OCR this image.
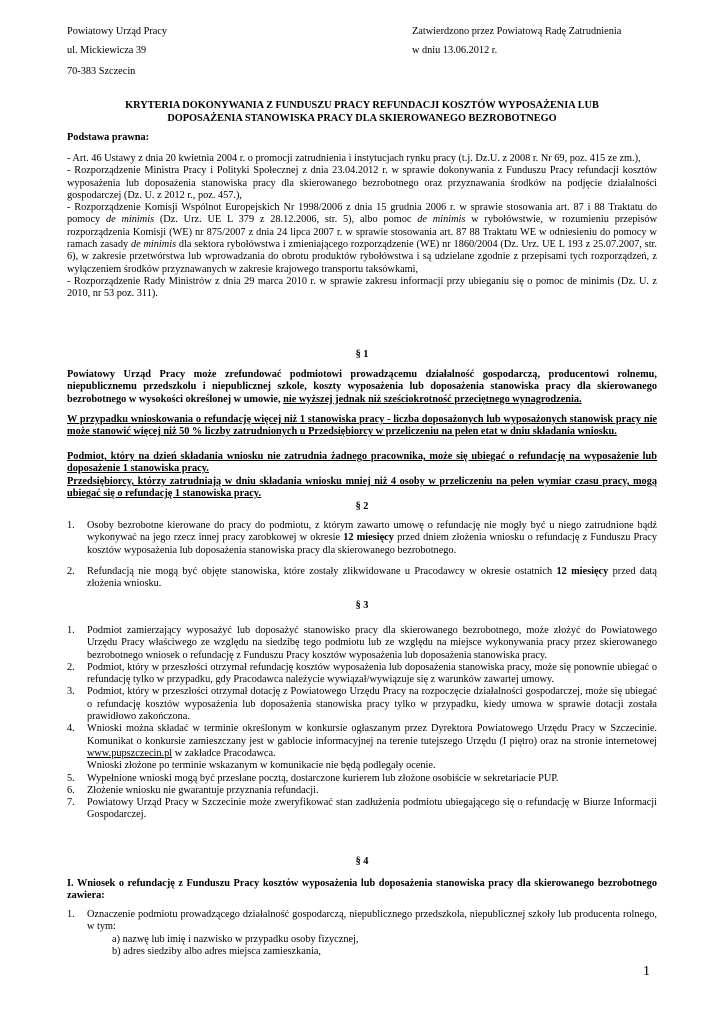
Powiatowy Urząd Pracy
ul. Mickiewicza 39
70-383 Szczecin
Zatwierdzono przez Powiatową Radę Zatrudnienia
w dniu 13.06.2012 r.
KRYTERIA DOKONYWANIA Z FUNDUSZU PRACY REFUNDACJI KOSZTÓW WYPOSAŻENIA LUB
DOPOSAŻENIA STANOWISKA PRACY DLA SKIEROWANEGO BEZROBOTNEGO
Podstawa prawna:

- Art. 46 Ustawy z dnia 20 kwietnia 2004 r. o promocji zatrudnienia i instytucjach rynku pracy (t.j. Dz.U. z 2008 r. Nr 69, poz. 415 ze zm.),

- Rozporządzenie Ministra Pracy i Polityki Społecznej z dnia 23.04.2012 r. w sprawie dokonywania z Funduszu Pracy refundacji kosztów wyposażenia lub doposażenia stanowiska pracy dla skierowanego bezrobotnego oraz przyznawania środków na podjęcie działalności gospodarczej (Dz. U. z 2012 r., poz. 457.),

- Rozporządzenie Komisji Wspólnot Europejskich Nr 1998/2006 z dnia 15 grudnia 2006 r. w sprawie stosowania art. 87 i 88 Traktatu do pomocy de minimis (Dz. Urz. UE L 379 z 28.12.2006, str. 5), albo pomoc de minimis w rybołówstwie, w rozumieniu przepisów rozporządzenia Komisji (WE) nr 875/2007 z dnia 24 lipca 2007 r. w sprawie stosowania art. 87 88 Traktatu WE w odniesieniu do pomocy w ramach zasady de minimis dla sektora rybołówstwa i zmieniającego rozporządzenie (WE) nr 1860/2004 (Dz. Urz. UE L 193 z 25.07.2007, str. 6), w zakresie przetwórstwa lub wprowadzania do obrotu produktów rybołówstwa i są udzielane zgodnie z przepisami tych rozporządzeń, z wyłączeniem środków przyznawanych w zakresie krajowego transportu taksówkami,

- Rozporządzenie Rady Ministrów z dnia 29 marca 2010 r. w sprawie zakresu informacji przy ubieganiu się o pomoc de minimis (Dz. U. z 2010, nr 53 poz. 311).

§ 1

Powiatowy Urząd Pracy może zrefundować podmiotowi prowadzącemu działalność gospodarczą, producentowi rolnemu, niepublicznemu przedszkolu i niepublicznej szkole, koszty wyposażenia lub doposażenia stanowiska pracy dla skierowanego bezrobotnego w wysokości określonej w umowie, nie wyższej jednak niż sześciokrotność przeciętnego wynagrodzenia.

W przypadku wnioskowania o refundację więcej niż 1 stanowiska pracy - liczba doposażonych lub wyposażonych stanowisk pracy nie może stanowić więcej niż 50 % liczby zatrudnionych u Przedsiębiorcy w przeliczeniu na pełen etat w dniu składania wniosku.
Podmiot, który na dzień składania wniosku nie zatrudnia żadnego pracownika, może się ubiegać o refundację na wyposażenie lub doposażenie 1 stanowiska pracy.
Przedsiębiorcy, którzy zatrudniają w dniu składania wniosku mniej niż 4 osoby w przeliczeniu na pełen wymiar czasu pracy, mogą ubiegać się o refundację 1 stanowiska pracy.
§ 2
1. Osoby bezrobotne kierowane do pracy do podmiotu, z którym zawarto umowę o refundację nie mogły być u niego zatrudnione bądź wykonywać na jego rzecz innej pracy zarobkowej w okresie 12 miesięcy przed dniem złożenia wniosku o refundację z Funduszu Pracy kosztów wyposażenia lub doposażenia stanowiska pracy dla skierowanego bezrobotnego.
2. Refundacją nie mogą być objęte stanowiska, które zostały zlikwidowane u Pracodawcy w okresie ostatnich 12 miesięcy przed datą złożenia wniosku.
§ 3
1. Podmiot zamierzający wyposażyć lub doposażyć stanowisko pracy dla skierowanego bezrobotnego, może złożyć do Powiatowego Urzędu Pracy właściwego ze względu na siedzibę tego podmiotu lub ze względu na miejsce wykonywania pracy przez skierowanego bezrobotnego wniosek o refundację z Funduszu Pracy kosztów wyposażenia lub doposażenia stanowiska pracy.
2. Podmiot, który w przeszłości otrzymał refundację kosztów wyposażenia lub doposażenia stanowiska pracy, może się ponownie ubiegać o refundację tylko w przypadku, gdy Pracodawca należycie wywiązał/wywiązuje się z warunków zawartej umowy.
3. Podmiot, który w przeszłości otrzymał dotację z Powiatowego Urzędu Pracy na rozpoczęcie działalności gospodarczej, może się ubiegać o refundację kosztów wyposażenia lub doposażenia stanowiska pracy tylko w przypadku, kiedy umowa w sprawie dotacji została prawidłowo zakończona.
4. Wnioski można składać w terminie określonym w konkursie ogłaszanym przez Dyrektora Powiatowego Urzędu Pracy w Szczecinie. Komunikat o konkursie zamieszczany jest w gablocie informacyjnej na terenie tutejszego Urzędu (I piętro) oraz na stronie internetowej www.pupszczecin.pl w zakładce Pracodawca.
Wnioski złożone po terminie wskazanym w komunikacie nie będą podlegały ocenie.
5. Wypełnione wnioski mogą być przesłane pocztą, dostarczone kurierem lub złożone osobiście w sekretariacie PUP.
6. Złożenie wniosku nie gwarantuje przyznania refundacji.
7. Powiatowy Urząd Pracy w Szczecinie może zweryfikować stan zadłużenia podmiotu ubiegającego się o refundację w Biurze Informacji Gospodarczej.
§ 4
I. Wniosek o refundację z Funduszu Pracy kosztów wyposażenia lub doposażenia stanowiska pracy dla skierowanego bezrobotnego zawiera:
1. Oznaczenie podmiotu prowadzącego działalność gospodarczą, niepublicznego przedszkola, niepublicznej szkoły lub producenta rolnego, w tym:
a) nazwę lub imię i nazwisko w przypadku osoby fizycznej,
b) adres siedziby albo adres miejsca zamieszkania,
1
